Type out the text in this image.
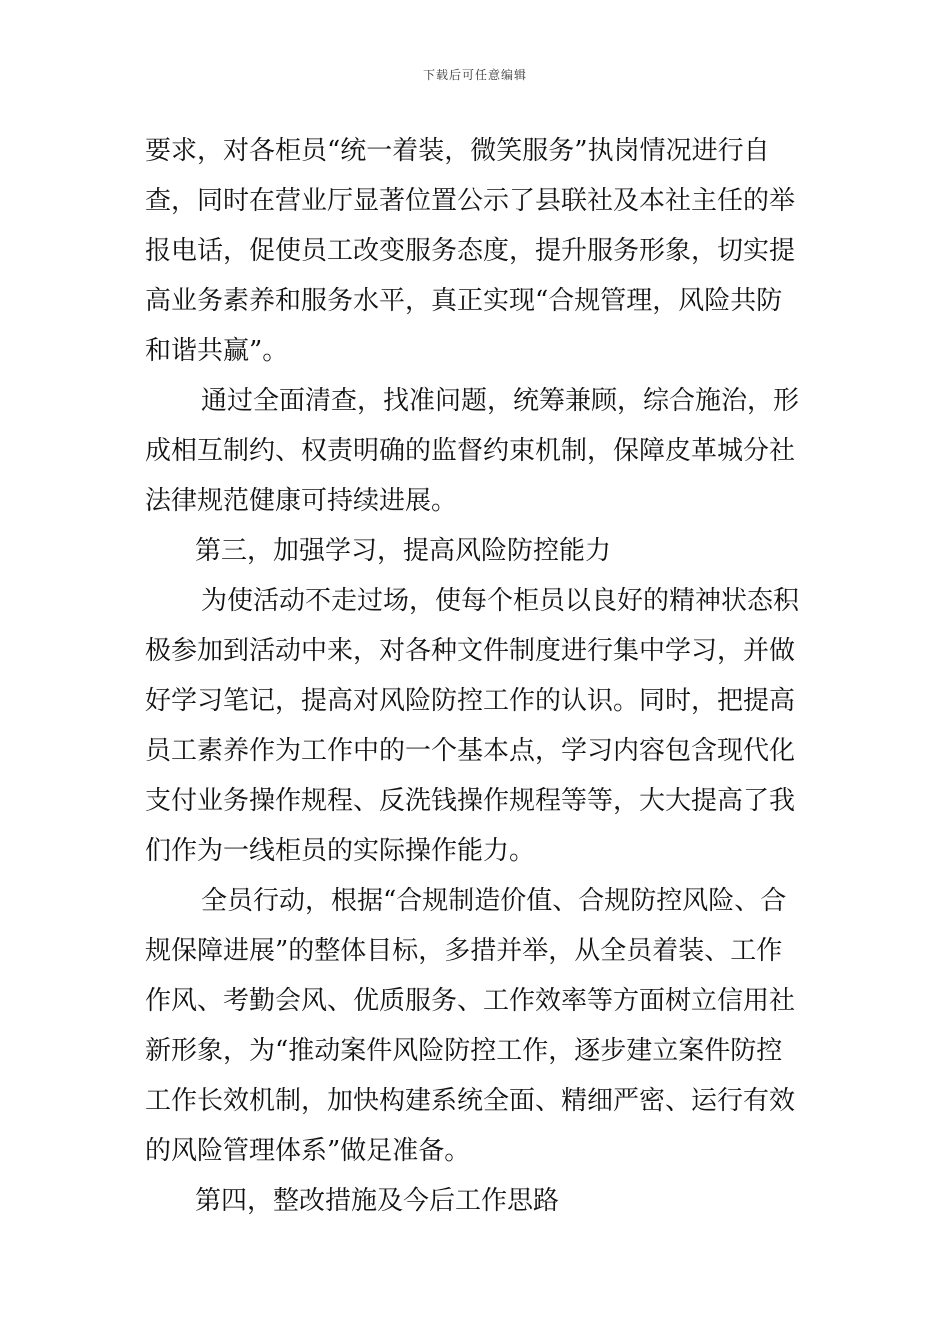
下载后可任意编辑
要求，对各柜员“统一着装，微笑服务”执岗情况进行自
查，同时在营业厅显著位置公示了县联社及本社主任的举
报电话，促使员工改变服务态度，提升服务形象，切实提
高业务素养和服务水平，真正实现“合规管理，风险共防
和谐共赢”。
通过全面清查，找准问题，统筹兼顾，综合施治，形
成相互制约、权责明确的监督约束机制，保障皮革城分社
法律规范健康可持续进展。
第三，加强学习，提高风险防控能力
为使活动不走过场，使每个柜员以良好的精神状态积
极参加到活动中来，对各种文件制度进行集中学习，并做
好学习笔记，提高对风险防控工作的认识。同时，把提高
员工素养作为工作中的一个基本点，学习内容包含现代化
支付业务操作规程、反洗钱操作规程等等，大大提高了我
们作为一线柜员的实际操作能力。
全员行动，根据“合规制造价值、合规防控风险、合
规保障进展”的整体目标，多措并举，从全员着装、工作
作风、考勤会风、优质服务、工作效率等方面树立信用社
新形象，为“推动案件风险防控工作，逐步建立案件防控
工作长效机制，加快构建系统全面、精细严密、运行有效
的风险管理体系”做足准备。
第四，整改措施及今后工作思路
